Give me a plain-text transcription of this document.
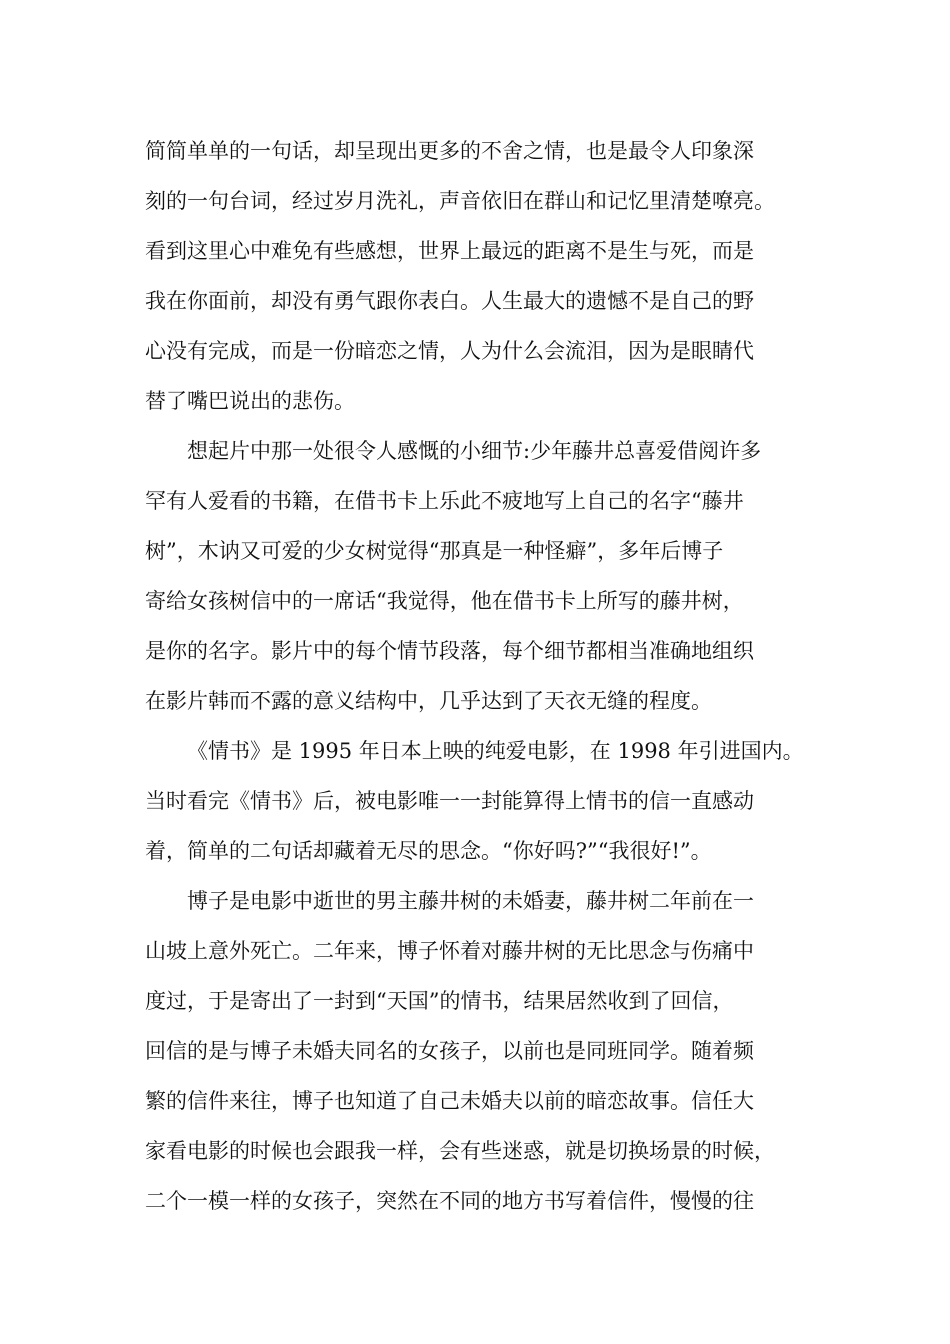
简简单单的一句话，却呈现出更多的不舍之情，也是最令人印象深
刻的一句台词，经过岁月洗礼，声音依旧在群山和记忆里清楚嘹亮。
看到这里心中难免有些感想，世界上最远的距离不是生与死，而是
我在你面前，却没有勇气跟你表白。人生最大的遗憾不是自己的野
心没有完成，而是一份暗恋之情，人为什么会流泪，因为是眼睛代
替了嘴巴说出的悲伤。
想起片中那一处很令人感慨的小细节:少年藤井总喜爱借阅许多
罕有人爱看的书籍，在借书卡上乐此不疲地写上自己的名字“藤井
树”，木讷又可爱的少女树觉得“那真是一种怪癖”，多年后博子
寄给女孩树信中的一席话“我觉得，他在借书卡上所写的藤井树，
是你的名字。影片中的每个情节段落，每个细节都相当准确地组织
在影片韩而不露的意义结构中，几乎达到了天衣无缝的程度。
《情书》是 1995 年日本上映的纯爱电影，在 1998 年引进国内。
当时看完《情书》后，被电影唯一一封能算得上情书的信一直感动
着，简单的二句话却藏着无尽的思念。“你好吗?”“我很好!”。
博子是电影中逝世的男主藤井树的未婚妻，藤井树二年前在一
山坡上意外死亡。二年来，博子怀着对藤井树的无比思念与伤痛中
度过，于是寄出了一封到“天国”的情书，结果居然收到了回信，
回信的是与博子未婚夫同名的女孩子，以前也是同班同学。随着频
繁的信件来往，博子也知道了自己未婚夫以前的暗恋故事。信任大
家看电影的时候也会跟我一样，会有些迷惑，就是切换场景的时候，
二个一模一样的女孩子，突然在不同的地方书写着信件，慢慢的往
